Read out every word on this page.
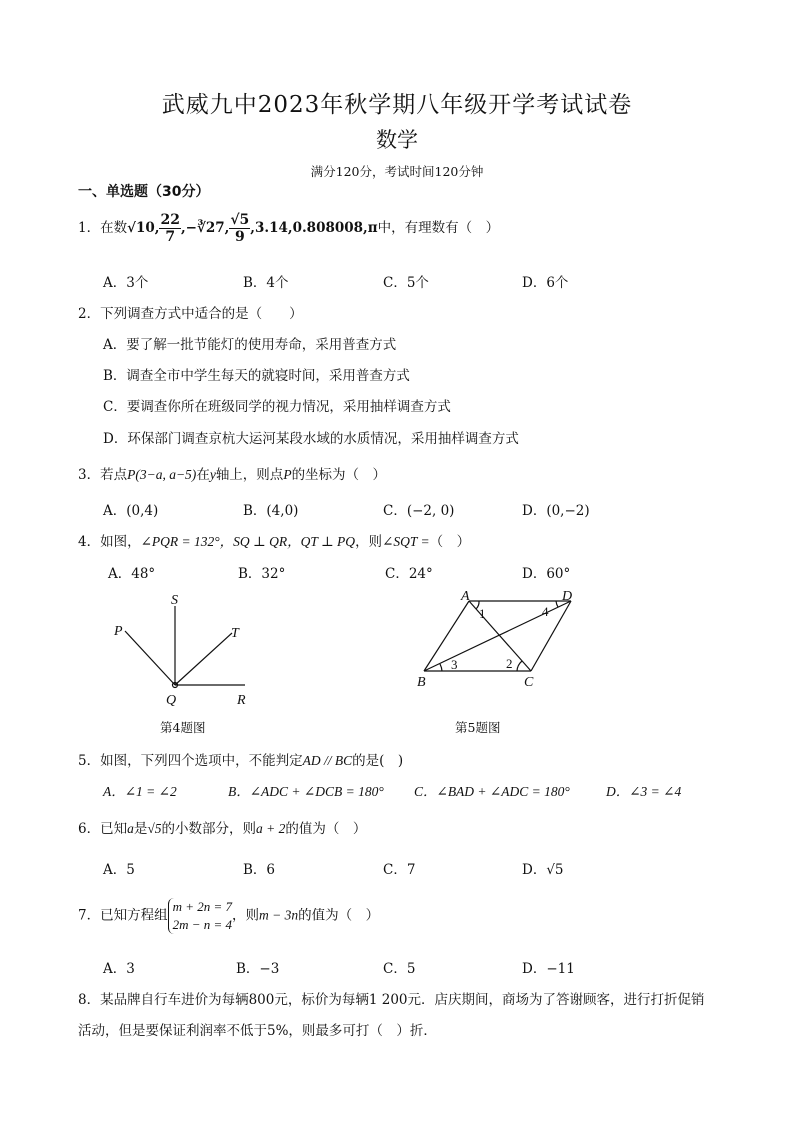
武威九中2023年秋学期八年级开学考试试卷
数学
满分120分，考试时间120分钟
一、单选题（30分）
1．在数√10, $\frac{22}{7}$ ,−∛27, $\frac{√5}{9} ,3.14,0.808008,\pi$中，有理数有（　）
A．3个	B．4个	C．5个	D．6个
2．下列调查方式中适合的是（　　）
A．要了解一批节能灯的使用寿命，采用普查方式
B．调查全市中学生每天的就寝时间，采用普查方式
C．要调查你所在班级同学的视力情况，采用抽样调查方式
D．环保部门调查京杭大运河某段水域的水质情况，采用抽样调查方式
3．若点P(3−a, a−5)在y轴上，则点P的坐标为（　）
A．(0,4)	B．(4,0)	C．(−2, 0)	D．(0,−2)
4．如图，∠PQR = 132°，SQ ⊥ QR，QT ⊥ PQ，则∠SQT =（　）
A．48°	B．32°	C．24°	D．60°
S
P	T
Q	R
A	D
B	C
1
2
3
4
第4题图	第5题图
5．如图，下列四个选项中，不能判定AD // BC的是(　)
A．∠1 = ∠2	B．∠ADC + ∠DCB = 180° C．∠BAD + ∠ADC = 180°	D．∠3 = ∠4
6．已知a是√5的小数部分，则a + 2的值为（　）
A．5	B．6	C．7	D．√5
7．已知方程组
m + 2n = 7
2m − n = 4
，则m − 3n的值为（　）
A．3	B．−3	C．5	D．−11
8．某品牌自行车进价为每辆800元，标价为每辆1 200元．店庆期间，商场为了答谢顾客，进行打折促销
活动，但是要保证利润率不低于5%，则最多可打（　）折．
